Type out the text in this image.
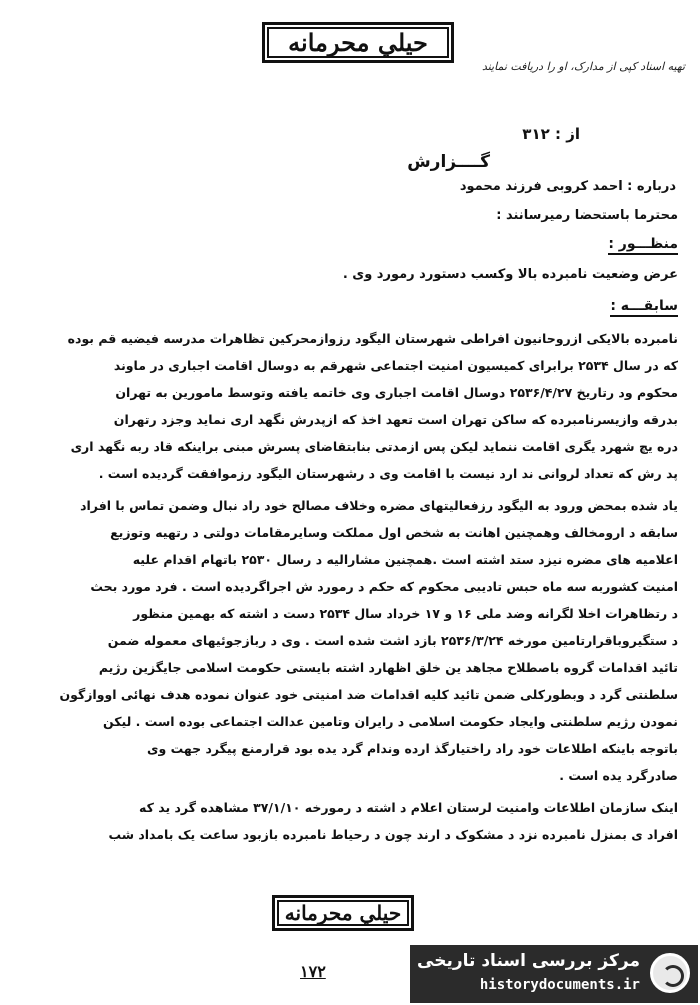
حيلي محرمانه
تهيه اسناد کپی از مدارک، او را دریافت نمایند
از : ۳۱۲
گــــزارش
درباره : احمد کروبی فرزند محمود
محترما باستحضا رمیرسانند :
منظـــور :
عرض وضعیت نامبرده بالا وکسب دستورد رمورد وی .
سابقـــه :
نامبرده بالایکی ازروحانیون افراطی شهرستان الیگود رزوازمحرکین تظاهرات مدرسه فیضیه قم بوده
که در سال ۲۵۳۴ برابرای کمیسیون امنیت اجتماعی شهرقم به دوسال اقامت اجباری در ماوند
محکوم ود رتاریخ ۲۵۳۶/۴/۲۷ دوسال اقامت اجباری وی خاتمه یافته وتوسط مامورین به تهران
بدرقه وازیسرنامبرده که ساکن تهران است تعهد اخذ که ازپدرش نگهد اری نماید وجزد رتهران
دره یچ شهرد یگری اقامت ننماید لیکن پس ازمدتی بنابتقاضای پسرش مبنی براینکه قاد ربه نگهد اری
پد رش که تعداد لروانی ند ارد نیست با اقامت وی د رشهرستان الیگود رزموافقت گردیده است .
یاد شده بمحض ورود به الیگود رزفعالیتهای مضره وخلاف مصالح خود راد نبال وضمن تماس با افراد
سابقه د ارومخالف وهمچنین اهانت به شخص اول مملکت وسایرمقامات دولتی د رتهیه وتوزیع
اعلامیه های مضره نیزد ستد اشته است .همچنین مشارالیه د رسال ۲۵۳۰ باتهام اقدام علیه
امنیت کشوربه سه ماه حبس تادیبی محکوم که حکم د رمورد ش اجراگردیده است . فرد مورد بحث
د رتظاهرات اخلا لگرانه وضد ملی ۱۶ و ۱۷ خرداد سال ۲۵۳۴ دست د اشته که بهمین منظور
د ستگیروباقرارتامین مورخه ۲۵۳۶/۳/۲۴ بازد اشت شده است . وی د ربازجوئیهای معموله ضمن
تائید اقدامات گروه باصطلاح مجاهد ین خلق اظهارد اشته بایستی حکومت اسلامی جایگزین رژیم
سلطنتی گرد د وبطورکلی ضمن تائید کلیه اقدامات ضد امنیتی خود عنوان نموده هدف نهائی اووازگون
نمودن رژیم سلطنتی وایجاد حکومت اسلامی د رایران وتامین عدالت اجتماعی بوده است . لیکن
باتوجه باینکه اطلاعات خود راد راختیارگذ ارده وندام گرد یده بود قرارمنع پیگرد جهت وی
صادرگرد یده است .
اینک سازمان اطلاعات وامنیت لرستان اعلام د اشته د رمورخه ۳۷/۱/۱۰ مشاهده گرد ید که
افراد ی بمنزل نامبرده نزد د مشکوک د ارند چون د رحیاط نامبرده بازبود ساعت یک بامداد شب
حيلي محرمانه
۱۷۲
مرکز بررسی اسناد تاریخی
historydocuments.ir
